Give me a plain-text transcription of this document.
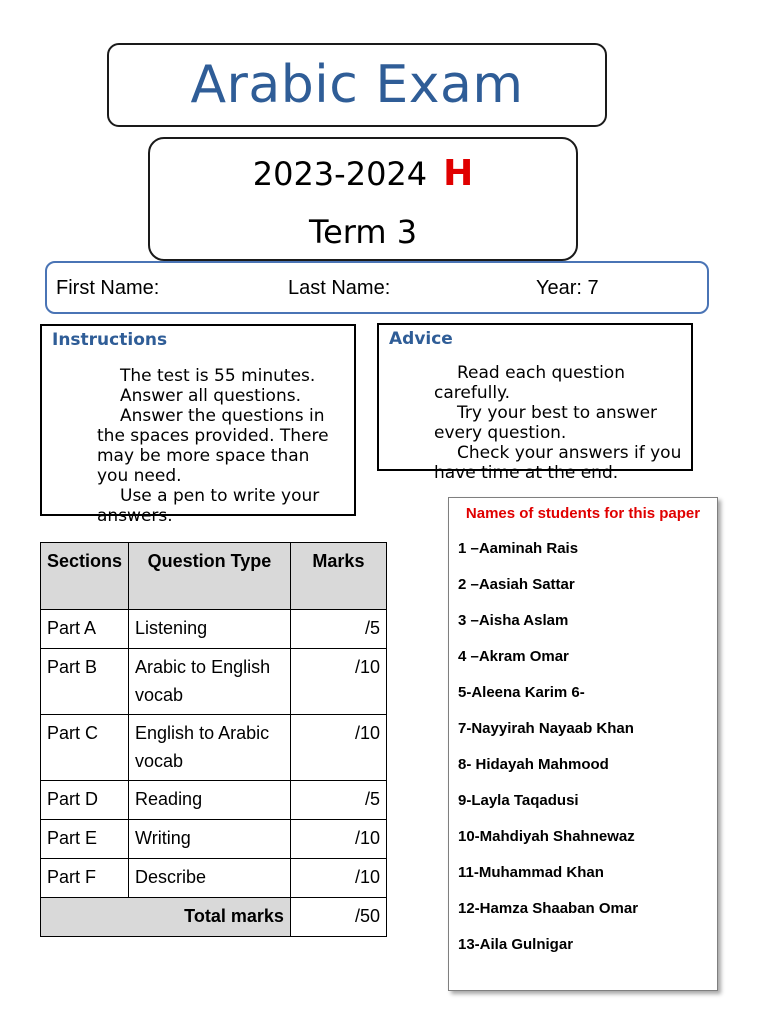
Arabic Exam
2023-2024 H
Term 3
First Name:	Last Name:	Year: 7
Instructions

The test is 55 minutes.

Answer all questions.

Answer the questions in the spaces provided. There may be more space than you need.

Use a pen to write your answers.

Advice

Read each question carefully.

Try your best to answer every question.

Check your answers if you have time at the end.

Sections	Question Type	Marks
Part A	Listening	/5
Part B	Arabic to English vocab	/10
Part C	English to Arabic vocab	/10
Part D	Reading	/5
Part E	Writing	/10
Part F	Describe	/10
Total marks		/50
Names of students for this paper
1 –Aaminah Rais
2 –Aasiah Sattar
3 –Aisha Aslam
4 –Akram Omar
5-Aleena Karim 6-
7-Nayyirah Nayaab Khan
8- Hidayah Mahmood
9-Layla Taqadusi
10-Mahdiyah Shahnewaz
11-Muhammad Khan
12-Hamza Shaaban Omar
13-Aila Gulnigar
